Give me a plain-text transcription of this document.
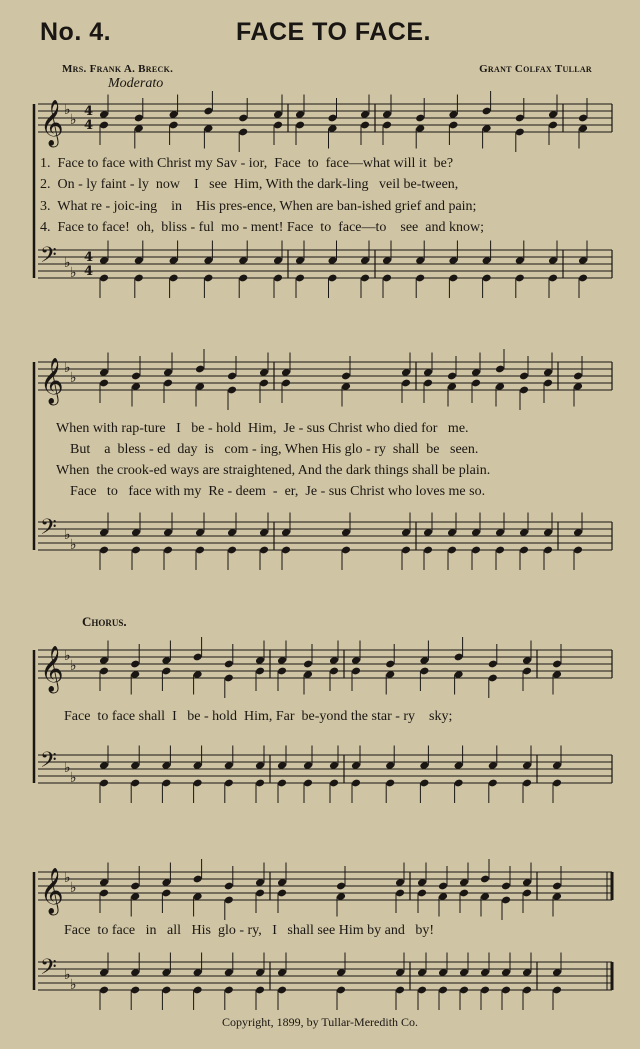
No. 4.	FACE TO FACE.
Mrs. Frank A. Breck.	Grant Colfax Tullar
Moderato
𝄞 ♭
♭
𝄢 ♭
♭
4
4
4
4
1.  Face to face with Christ my Sav - ior,  Face  to  face—what will it  be?
2.  On - ly faint - ly  now    I   see  Him, With the dark-ling   veil be-tween,
3.  What re - joic-ing    in    His pres-ence, When are ban-ished grief and pain;
4.  Face to face!  oh,  bliss - ful  mo - ment! Face  to  face—to    see  and know;
𝄞 ♭
♭
𝄢 ♭
♭
When with rap-ture   I   be - hold  Him,  Je - sus Christ who died for   me.
But    a  bless - ed  day  is   com - ing, When His glo - ry  shall  be   seen.
When  the crook-ed ways are straightened, And the dark things shall be plain.
Face   to   face with my  Re - deem  -  er,  Je - sus Christ who loves me so.
Chorus.
𝄞 ♭
♭
𝄢 ♭
♭
Face  to face shall  I   be - hold  Him, Far  be-yond the star - ry    sky;
𝄞 ♭
♭
𝄢 ♭
♭
Face  to face   in   all   His  glo - ry,   I   shall see Him by and   by!
Copyright, 1899, by Tullar-Meredith Co.
